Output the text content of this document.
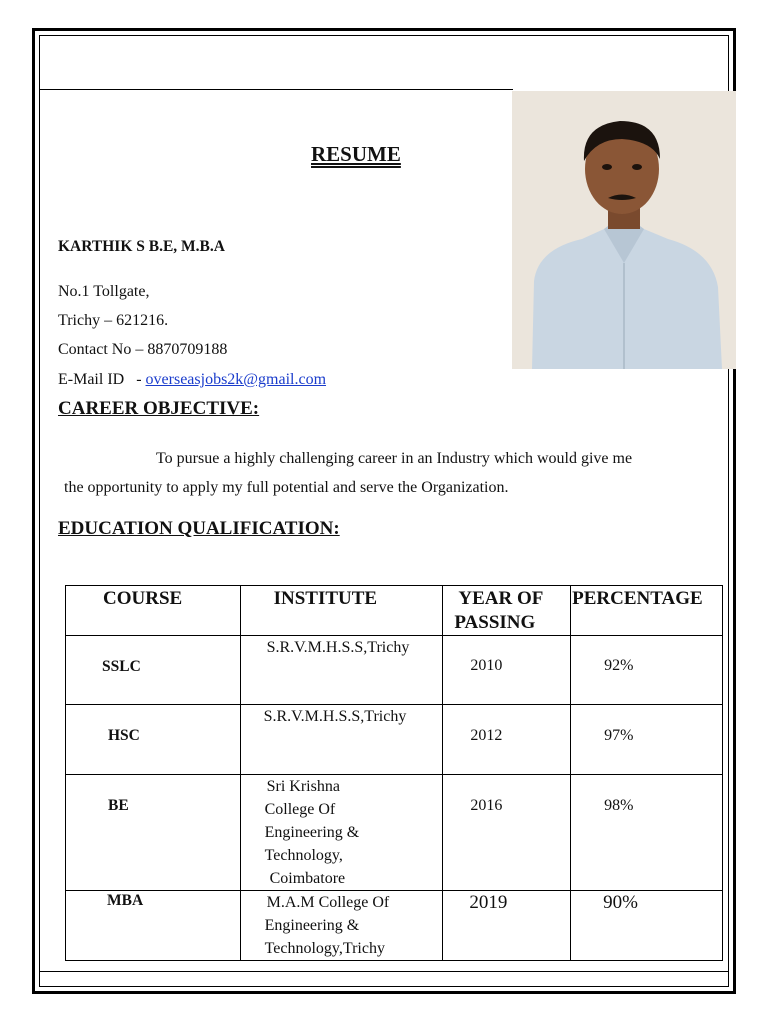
RESUME
KARTHIK S B.E, M.B.A
No.1 Tollgate,
Trichy – 621216.
Contact No – 8870709188
E-Mail ID   - overseasjobs2k@gmail.com
CAREER OBJECTIVE:
To pursue a highly challenging career in an Industry which would give me
the opportunity to apply my full potential and serve the Organization.
EDUCATION QUALIFICATION:
COURSE	INSTITUTE	YEAR OF
PASSING	PERCENTAGE

SSLC	S.R.V.M.H.S.S,Trichy	2010	92%

HSC	S.R.V.M.H.S.S,Trichy	2012	97%

BE	Sri Krishna
College Of
Engineering &
Technology,
Coimbatore	2016	98%

MBA	M.A.M College Of
Engineering &
Technology,Trichy	2019	90%
